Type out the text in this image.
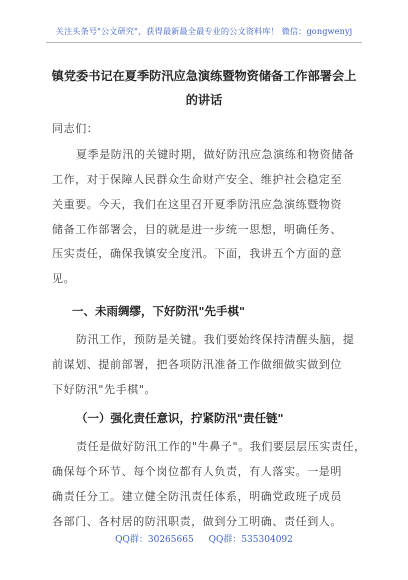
关注头条号"公文研究"，获得最新最全最专业的公文资料库！ 微信：gongwenyj
镇党委书记在夏季防汛应急演练暨物资储备工作部署会上
的讲话
同志们：
夏季是防汛的关键时期，做好防汛应急演练和物资储备
工作，对于保障人民群众生命财产安全、维护社会稳定至
关重要。今天，我们在这里召开夏季防汛应急演练暨物资
储备工作部署会，目的就是进一步统一思想，明确任务、
压实责任，确保我镇安全度汛。下面，我讲五个方面的意
见。
一、未雨绸缪，下好防汛"先手棋"
防汛工作，预防是关键。我们要始终保持清醒头脑，提
前谋划、提前部署，把各项防汛准备工作做细做实做到位
下好防汛"先手棋"。
（一）强化责任意识，拧紧防汛"责任链"
责任是做好防汛工作的"牛鼻子"。我们要层层压实责任，
确保每个环节、每个岗位都有人负责，有人落实。一是明
确责任分工。建立健全防汛责任体系，明确党政班子成员
各部门、各村居的防汛职责，做到分工明确、责任到人。
QQ群：30265665 QQ群：535304092
